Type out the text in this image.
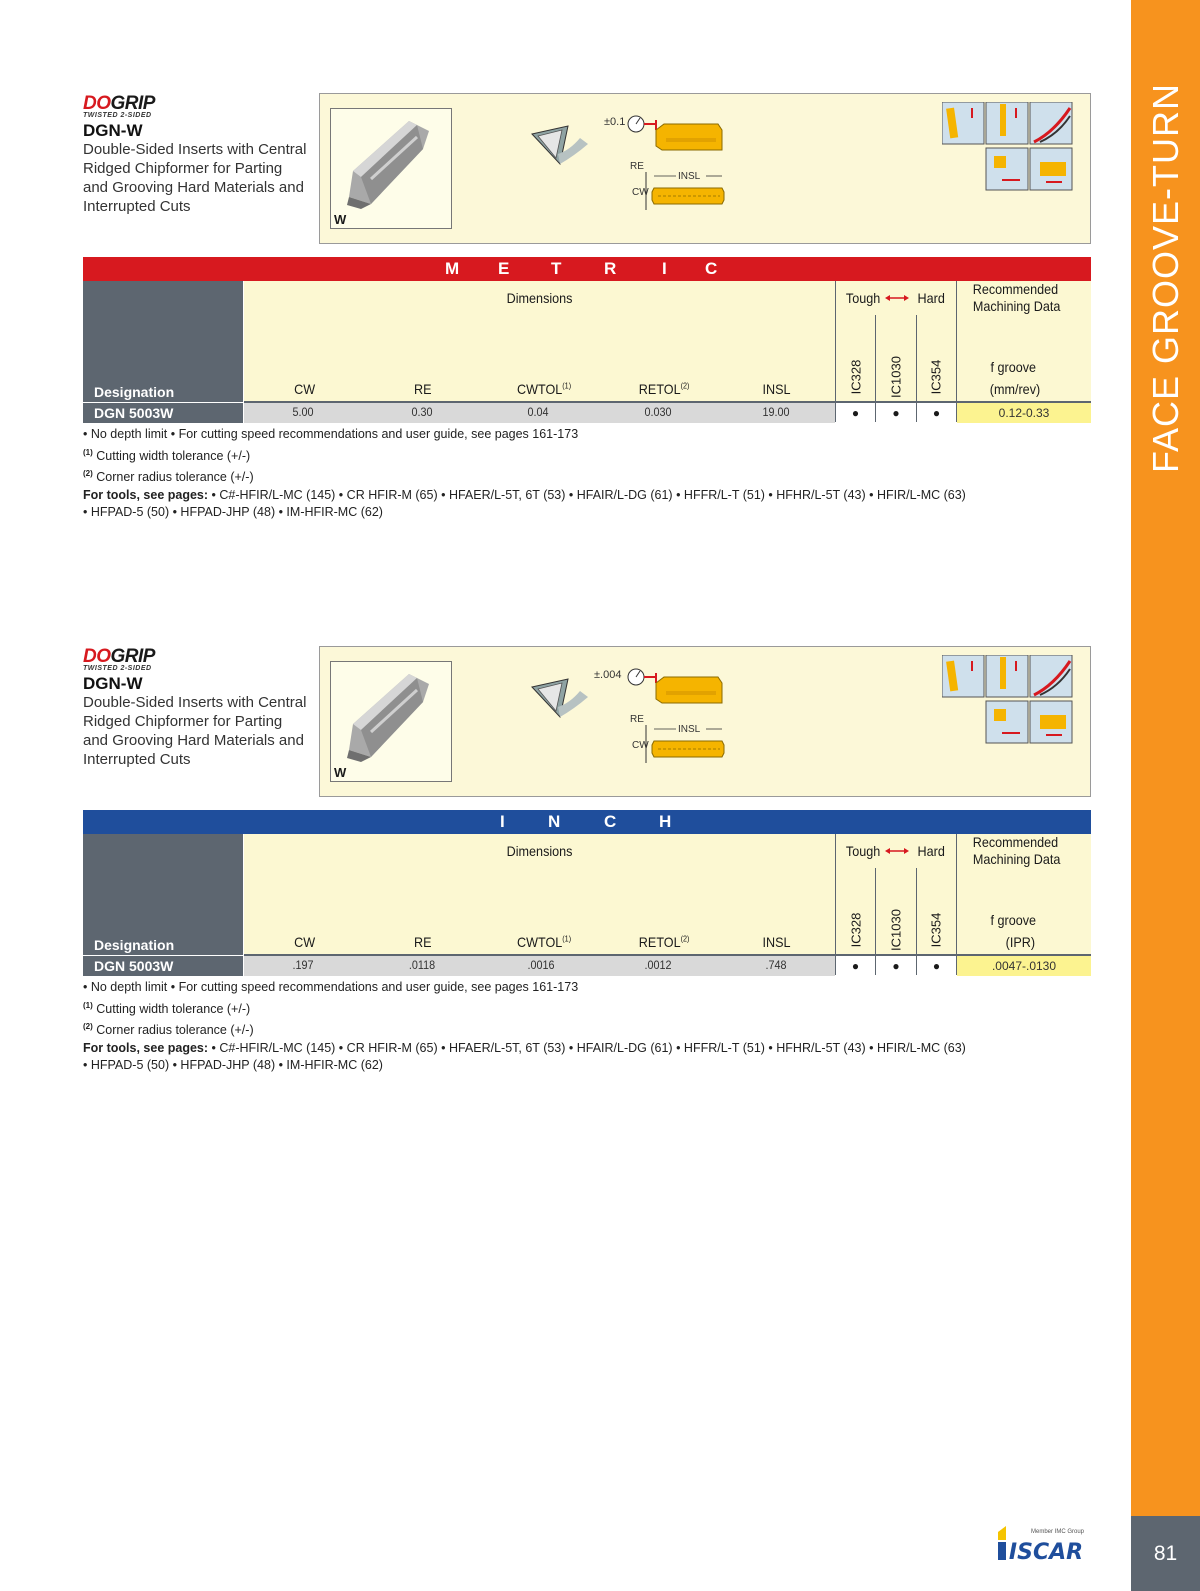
FACE GROOVE-TURN
81
DOGRIP
TWISTED 2-SIDED
DGN-W
Double-Sided Inserts with Central Ridged Chipformer for Parting and Grooving Hard Materials and Interrupted Cuts
W
±0.1
RE
CW
INSL
M E T	R	I C
Designation
Dimensions	Tough	Hard
Recommended
Machining Data
CW	RE	CWTOL$^{(1)}$	RETOL$^{(2)}$	INSL	IC328 IC1030 IC354	f groove
(mm/rev)
DGN 5003W	5.00	0.30	0.04	0.030	19.00	●	●	●	0.12-0.33
• No depth limit • For cutting speed recommendations and user guide, see pages 161-173
$^{(1)}$ Cutting width tolerance (+/-)
$^{(2)}$ Corner radius tolerance (+/-)
For tools, see pages: • C#-HFIR/L-MC (145) • CR HFIR-M (65) • HFAER/L-5T, 6T (53) • HFAIR/L-DG (61) • HFFR/L-T (51) • HFHR/L-5T (43) • HFIR/L-MC (63)
• HFPAD-5 (50) • HFPAD-JHP (48) • IM-HFIR-MC (62)
DOGRIP
TWISTED 2-SIDED
DGN-W
Double-Sided Inserts with Central Ridged Chipformer for Parting and Grooving Hard Materials and Interrupted Cuts
W
±.004
RE
CW
INSL
I	N	C	H
Designation
Dimensions	Tough	Hard
Recommended
Machining Data
CW	RE	CWTOL$^{(1)}$	RETOL$^{(2)}$	INSL	IC328 IC1030 IC354	f groove
(IPR)
DGN 5003W	.197	.0118	.0016	.0012	.748	●	●	●	.0047-.0130
• No depth limit • For cutting speed recommendations and user guide, see pages 161-173
$^{(1)}$ Cutting width tolerance (+/-)
$^{(2)}$ Corner radius tolerance (+/-)
For tools, see pages: • C#-HFIR/L-MC (145) • CR HFIR-M (65) • HFAER/L-5T, 6T (53) • HFAIR/L-DG (61) • HFFR/L-T (51) • HFHR/L-5T (43) • HFIR/L-MC (63)
• HFPAD-5 (50) • HFPAD-JHP (48) • IM-HFIR-MC (62)
Member IMC Group
ISCAR
